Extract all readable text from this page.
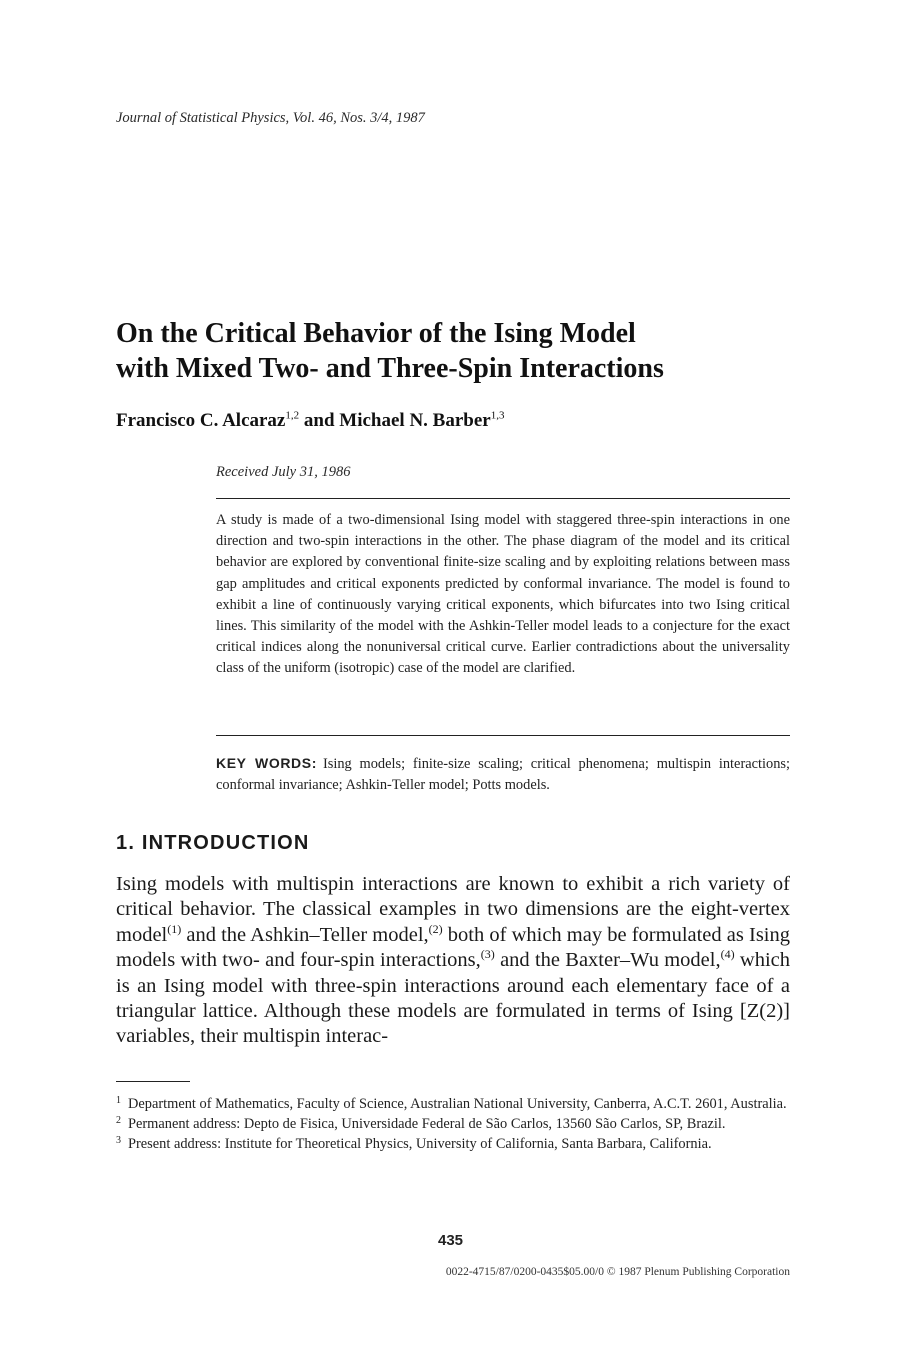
Journal of Statistical Physics, Vol. 46, Nos. 3/4, 1987
On the Critical Behavior of the Ising Model
with Mixed Two- and Three-Spin Interactions
Francisco C. Alcaraz$^{1,2}$ and Michael N. Barber$^{1,3}$
Received July 31, 1986
A study is made of a two-dimensional Ising model with staggered three-spin interactions in one direction and two-spin interactions in the other. The phase diagram of the model and its critical behavior are explored by conventional finite-size scaling and by exploiting relations between mass gap amplitudes and critical exponents predicted by conformal invariance. The model is found to exhibit a line of continuously varying critical exponents, which bifurcates into two Ising critical lines. This similarity of the model with the Ashkin-Teller model leads to a conjecture for the exact critical indices along the nonuniversal critical curve. Earlier contradictions about the universality class of the uniform (isotropic) case of the model are clarified.
KEY WORDS: Ising models; finite-size scaling; critical phenomena; multispin interactions; conformal invariance; Ashkin-Teller model; Potts models.
1. INTRODUCTION
Ising models with multispin interactions are known to exhibit a rich variety of critical behavior. The classical examples in two dimensions are the eight-vertex model$^{(1)}$ and the Ashkin–Teller model,$^{(2)}$ both of which may be formulated as Ising models with two- and four-spin interactions,$^{(3)}$ and the Baxter–Wu model,$^{(4)}$ which is an Ising model with three-spin interactions around each elementary face of a triangular lattice. Although these models are formulated in terms of Ising [Z(2)] variables, their multispin interac-
1 Department of Mathematics, Faculty of Science, Australian National University, Canberra, A.C.T. 2601, Australia.
2 Permanent address: Depto de Fisica, Universidade Federal de São Carlos, 13560 São Carlos, SP, Brazil.
3 Present address: Institute for Theoretical Physics, University of California, Santa Barbara, California.
435
0022-4715/87/0200-0435$05.00/0 © 1987 Plenum Publishing Corporation
